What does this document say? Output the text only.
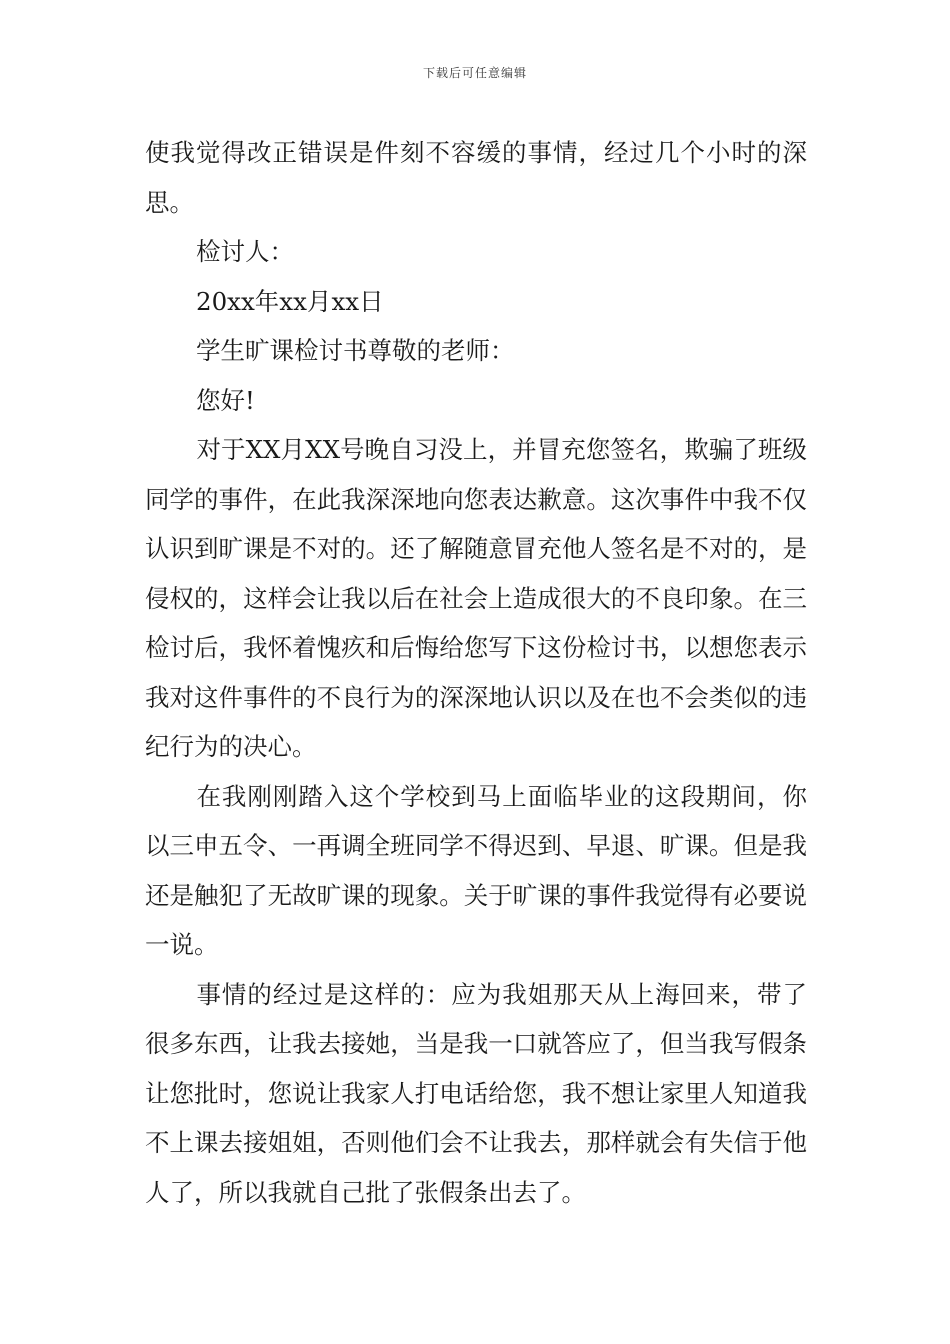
下载后可任意编辑

使我觉得改正错误是件刻不容缓的事情，经过几个小时的深思。

检讨人：

20xx年xx月xx日

学生旷课检讨书尊敬的老师：

您好!

对于XX月XX号晚自习没上，并冒充您签名，欺骗了班级同学的事件，在此我深深地向您表达歉意。这次事件中我不仅认识到旷课是不对的。还了解随意冒充他人签名是不对的，是侵权的，这样会让我以后在社会上造成很大的不良印象。在三检讨后，我怀着愧疚和后悔给您写下这份检讨书，以想您表示我对这件事件的不良行为的深深地认识以及在也不会类似的违纪行为的决心。

在我刚刚踏入这个学校到马上面临毕业的这段期间，你以三申五令、一再调全班同学不得迟到、早退、旷课。但是我还是触犯了无故旷课的现象。关于旷课的事件我觉得有必要说一说。

事情的经过是这样的：应为我姐那天从上海回来，带了很多东西，让我去接她，当是我一口就答应了，但当我写假条让您批时，您说让我家人打电话给您，我不想让家里人知道我不上课去接姐姐，否则他们会不让我去，那样就会有失信于他人了，所以我就自己批了张假条出去了。
